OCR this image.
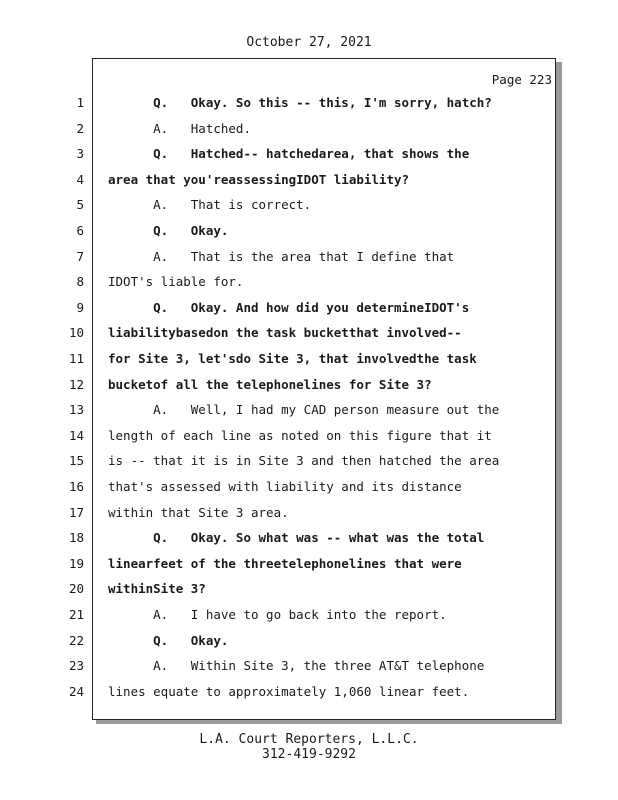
October 27, 2021
Page 223
1 Q.   Okay. So this -- this, I'm sorry, hatch?
2 A.   Hatched.
3 Q.   Hatched-- hatchedarea, that shows the
4 area that you'reassessingIDOT liability?
5 A.   That is correct.
6 Q.   Okay.
7 A.   That is the area that I define that
8 IDOT's liable for.
9 Q.   Okay. And how did you determineIDOT's
10 liabilitybasedon the task bucketthat involved--
11 for Site 3, let'sdo Site 3, that involvedthe task
12 bucketof all the telephonelines for Site 3?
13 A.   Well, I had my CAD person measure out the
14 length of each line as noted on this figure that it
15 is -- that it is in Site 3 and then hatched the area
16 that's assessed with liability and its distance
17 within that Site 3 area.
18 Q.   Okay. So what was -- what was the total
19 linearfeet of the threetelephonelines that were
20 withinSite 3?
21 A.   I have to go back into the report.
22 Q.   Okay.
23 A.   Within Site 3, the three AT&T telephone
24 lines equate to approximately 1,060 linear feet.
L.A. Court Reporters, L.L.C.
312-419-9292
